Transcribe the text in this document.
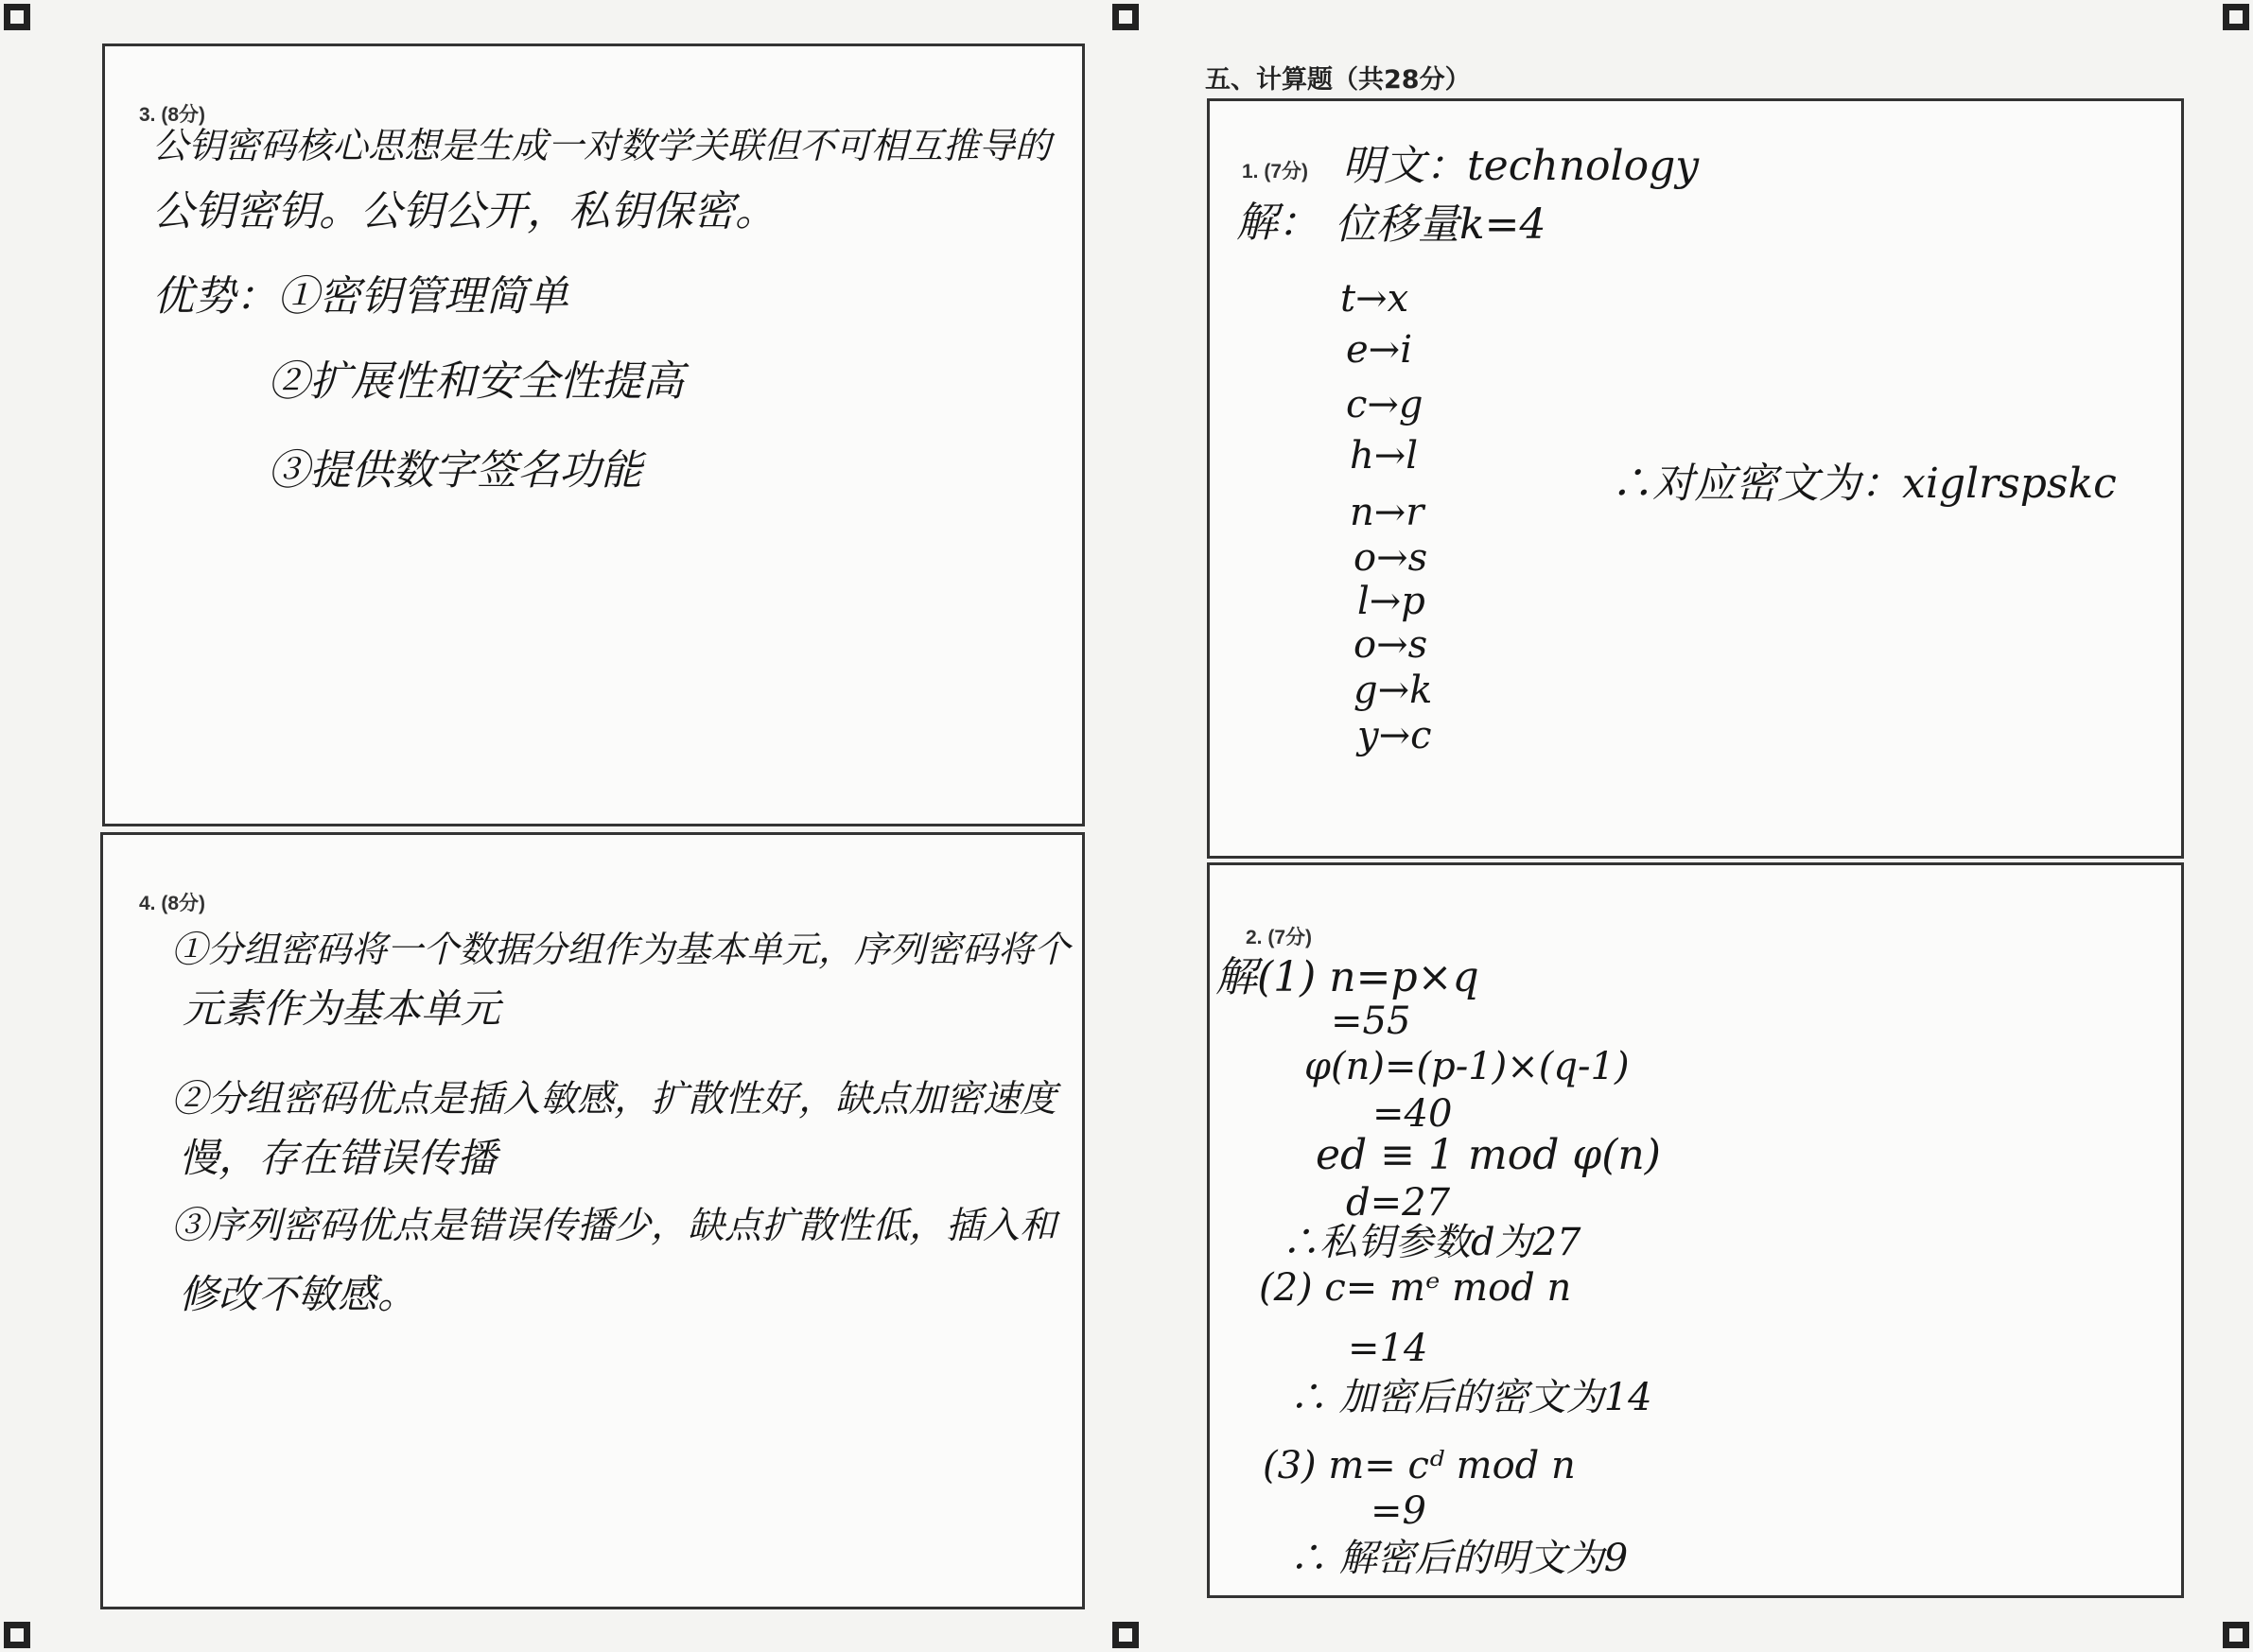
五、计算题（共28分）
3. (8分)
公钥密码核心思想是生成一对数学关联但不可相互推导的
公钥密钥。公钥公开，私钥保密。
优势：①密钥管理简单
②扩展性和安全性提高
③提供数字签名功能
4. (8分)
①分组密码将一个数据分组作为基本单元，序列密码将个
元素作为基本单元
②分组密码优点是插入敏感，扩散性好，缺点加密速度
慢，存在错误传播
③序列密码优点是错误传播少，缺点扩散性低，插入和
修改不敏感。
1. (7分) 明文：technology
解： 位移量k=4
t→x
e→i
c→g
h→l
n→r
o→s
l→p
o→s
g→k
y→c
∴对应密文为：xiglrspskc
2. (7分)
解(1) n=p×q
=55
φ(n)=(p-1)×(q-1)
=40
ed ≡ 1 mod φ(n)
d=27
∴私钥参数d为27
(2) c= mᵉ mod n
=14
∴ 加密后的密文为14
(3) m= cᵈ mod n
=9
∴ 解密后的明文为9
